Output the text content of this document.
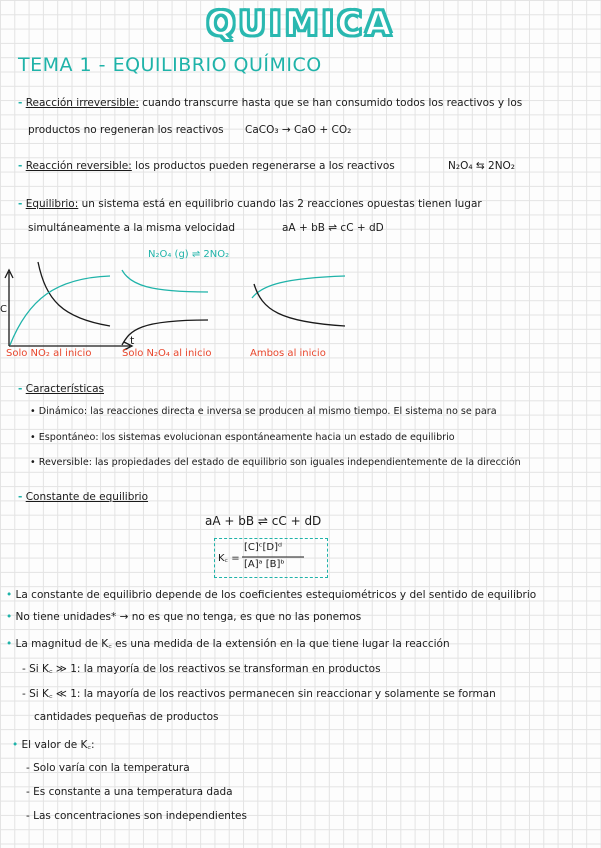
QUIMICA
TEMA 1 - EQUILIBRIO QUÍMICO
- Reacción irreversible: cuando transcurre hasta que se han consumido todos los reactivos y los
productos no regeneran los reactivos CaCO₃ → CaO + CO₂
- Reacción reversible: los productos pueden regenerarse a los reactivos	N₂O₄ ⇆ 2NO₂
- Equilibrio: un sistema está en equilibrio cuando las 2 reacciones opuestas tienen lugar
simultáneamente a la misma velocidad	aA + bB ⇌ cC + dD
N₂O₄ (g) ⇌ 2NO₂
C
t
Solo NO₂ al inicio	Solo N₂O₄ al inicio	Ambos al inicio
- Características
• Dinámico: las reacciones directa e inversa se producen al mismo tiempo. El sistema no se para
• Espontáneo: los sistemas evolucionan espontáneamente hacia un estado de equilibrio
• Reversible: las propiedades del estado de equilibrio son iguales independientemente de la dirección
- Constante de equilibrio
aA + bB ⇌ cC + dD
K꜀ =
[C]ᶜ[D]ᵈ
[A]ᵃ [B]ᵇ
• La constante de equilibrio depende de los coeficientes estequiométricos y del sentido de equilibrio
• No tiene unidades* → no es que no tenga, es que no las ponemos
• La magnitud de K꜀ es una medida de la extensión en la que tiene lugar la reacción
- Si K꜀ ≫ 1: la mayoría de los reactivos se transforman en productos
- Si K꜀ ≪ 1: la mayoría de los reactivos permanecen sin reaccionar y solamente se forman
cantidades pequeñas de productos
• El valor de K꜀:
- Solo varía con la temperatura
- Es constante a una temperatura dada
- Las concentraciones son independientes
